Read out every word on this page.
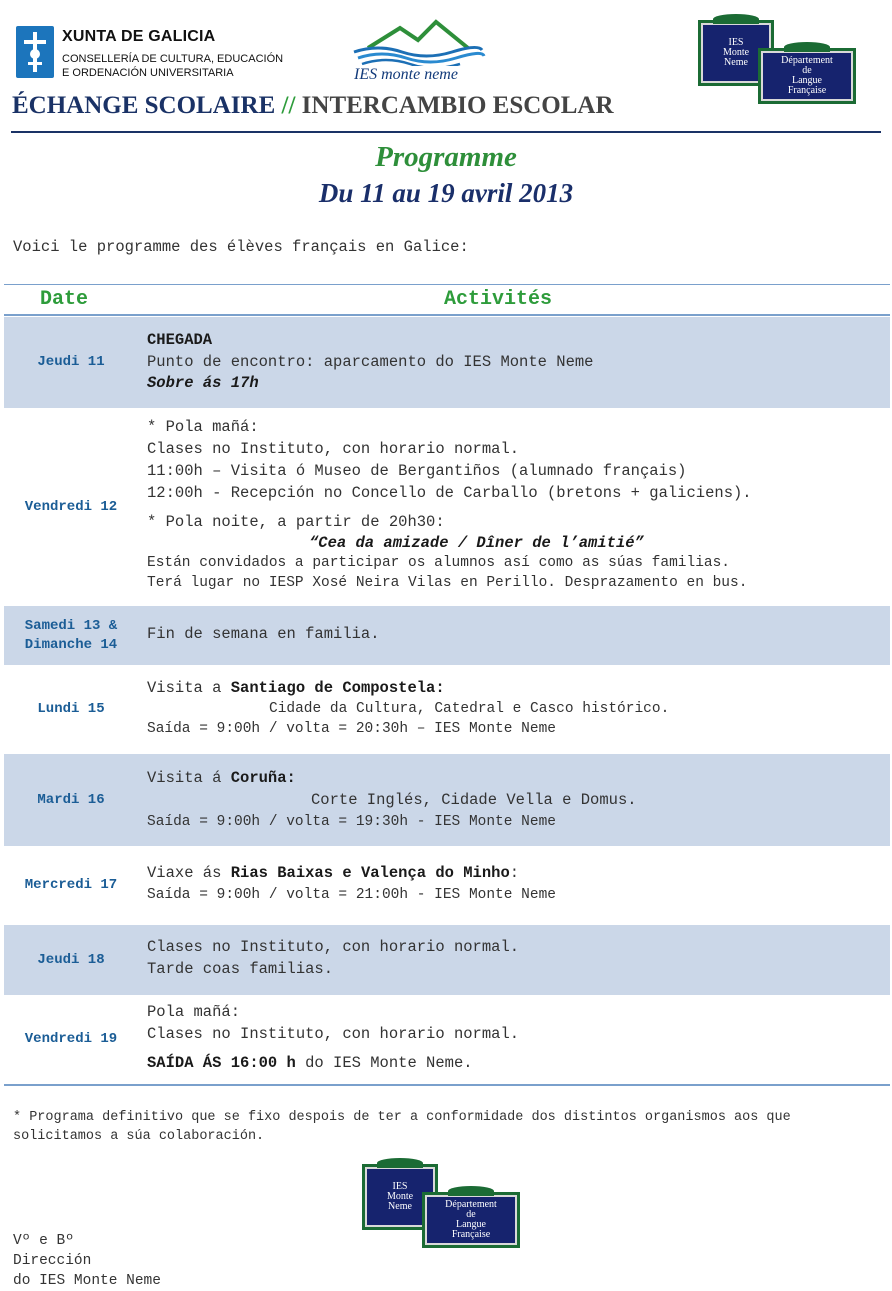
XUNTA DE GALICIA
CONSELLERÍA DE CULTURA, EDUCACIÓN
E ORDENACIÓN UNIVERSITARIA	IES monte neme
IES
Monte
Neme	Département
de
Langue
Française
ÉCHANGE SCOLAIRE // INTERCAMBIO ESCOLAR
Programme
Du 11 au 19 avril 2013
Voici le programme des élèves français en Galice:
Date	Activités
Jeudi 11
CHEGADA
Punto de encontro: aparcamento do IES Monte Neme
Sobre ás 17h
Vendredi 12
* Pola mañá:
Clases no Instituto, con horario normal.
11:00h – Visita ó Museo de Bergantiños (alumnado français)
12:00h - Recepción no Concello de Carballo (bretons + galiciens).
* Pola noite, a partir de 20h30:
“Cea da amizade / Dîner de l’amitié”
Están convidados a participar os alumnos así como as súas familias.
Terá lugar no IESP Xosé Neira Vilas en Perillo. Desprazamento en bus.
Samedi 13 &
Dimanche 14
Fin de semana en familia.
Lundi 15
Visita a Santiago de Compostela:
Cidade da Cultura, Catedral e Casco histórico.
Saída = 9:00h / volta = 20:30h – IES Monte Neme
Mardi 16
Visita á Coruña:
Corte Inglés, Cidade Vella e Domus.
Saída = 9:00h / volta = 19:30h - IES Monte Neme
Mercredi 17
Viaxe ás Rias Baixas e Valença do Minho:
Saída = 9:00h / volta = 21:00h - IES Monte Neme
Jeudi 18
Clases no Instituto, con horario normal.
Tarde coas familias.
Vendredi 19
Pola mañá:
Clases no Instituto, con horario normal.
SAÍDA ÁS 16:00 h do IES Monte Neme.
* Programa definitivo que se fixo despois de ter a conformidade dos distintos organismos aos que solicitamos a súa colaboración.
IES
Monte
Neme	Département
de
Langue
Française
Vº e Bº
Dirección
do IES Monte Neme
